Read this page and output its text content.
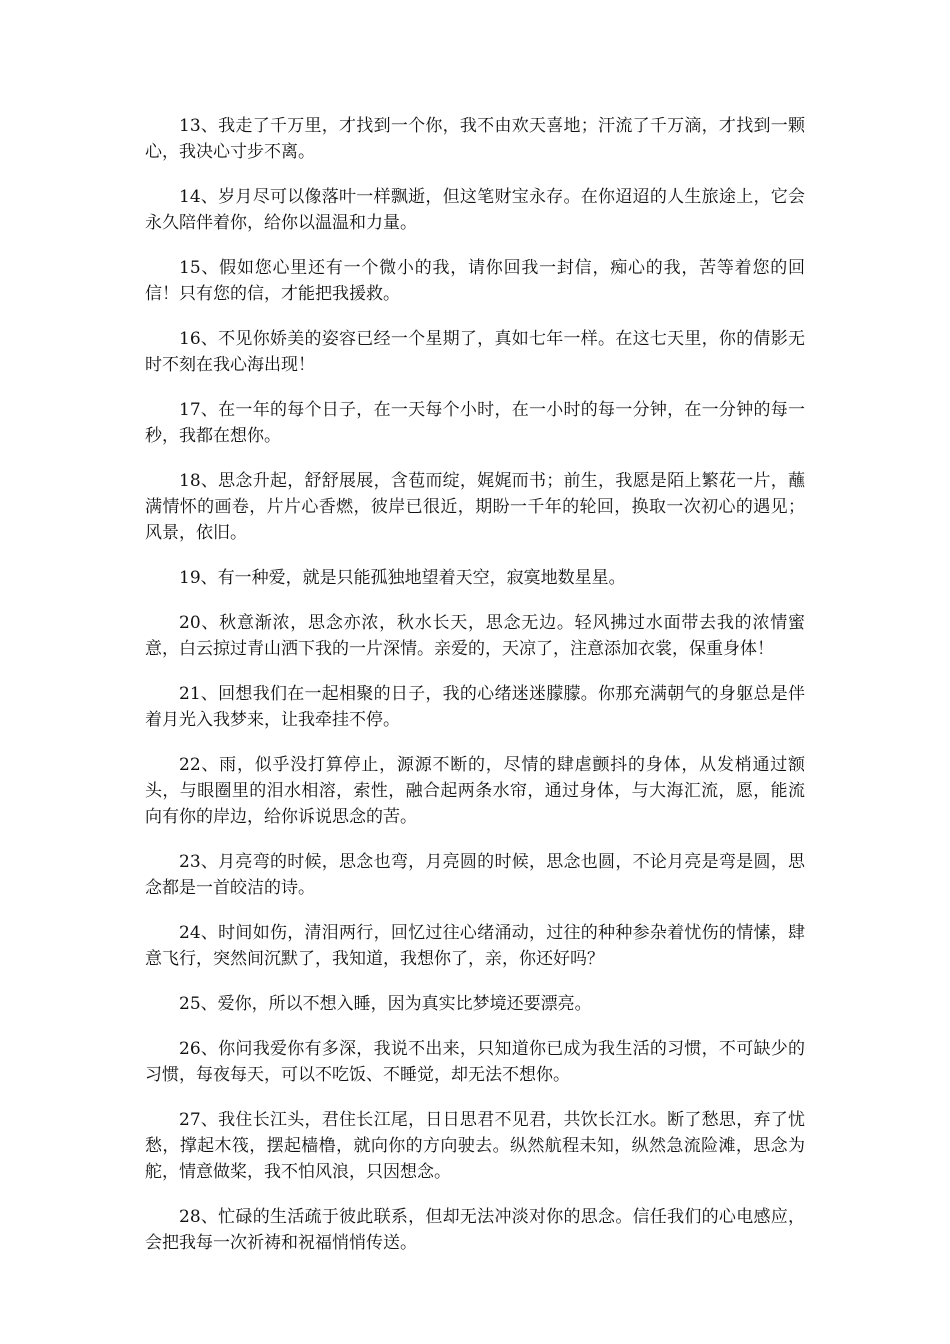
13、我走了千万里，才找到一个你，我不由欢天喜地；汗流了千万滴，才找到一颗心，我决心寸步不离。

14、岁月尽可以像落叶一样飘逝，但这笔财宝永存。在你迢迢的人生旅途上，它会永久陪伴着你，给你以温温和力量。

15、假如您心里还有一个微小的我，请你回我一封信，痴心的我，苦等着您的回信！只有您的信，才能把我援救。

16、不见你娇美的姿容已经一个星期了，真如七年一样。在这七天里，你的倩影无时不刻在我心海出现！

17、在一年的每个日子，在一天每个小时，在一小时的每一分钟，在一分钟的每一秒，我都在想你。

18、思念升起，舒舒展展，含苞而绽，娓娓而书；前生，我愿是陌上繁花一片，蘸满情怀的画卷，片片心香燃，彼岸已很近，期盼一千年的轮回，换取一次初心的遇见；风景，依旧。

19、有一种爱，就是只能孤独地望着天空，寂寞地数星星。

20、秋意渐浓，思念亦浓，秋水长天，思念无边。轻风拂过水面带去我的浓情蜜意，白云掠过青山洒下我的一片深情。亲爱的，天凉了，注意添加衣裳，保重身体！

21、回想我们在一起相聚的日子，我的心绪迷迷朦朦。你那充满朝气的身躯总是伴着月光入我梦来，让我牵挂不停。

22、雨，似乎没打算停止，源源不断的，尽情的肆虐颤抖的身体，从发梢通过额头，与眼圈里的泪水相溶，索性，融合起两条水帘，通过身体，与大海汇流，愿，能流向有你的岸边，给你诉说思念的苦。

23、月亮弯的时候，思念也弯，月亮圆的时候，思念也圆，不论月亮是弯是圆，思念都是一首皎洁的诗。

24、时间如伤，清泪两行，回忆过往心绪涌动，过往的种种参杂着忧伤的情愫，肆意飞行，突然间沉默了，我知道，我想你了，亲，你还好吗？

25、爱你，所以不想入睡，因为真实比梦境还要漂亮。

26、你问我爱你有多深，我说不出来，只知道你已成为我生活的习惯，不可缺少的习惯，每夜每天，可以不吃饭、不睡觉，却无法不想你。

27、我住长江头，君住长江尾，日日思君不见君，共饮长江水。断了愁思，弃了忧愁，撑起木筏，摆起樯橹，就向你的方向驶去。纵然航程未知，纵然急流险滩，思念为舵，情意做桨，我不怕风浪，只因想念。

28、忙碌的生活疏于彼此联系，但却无法冲淡对你的思念。信任我们的心电感应，会把我每一次祈祷和祝福悄悄传送。
